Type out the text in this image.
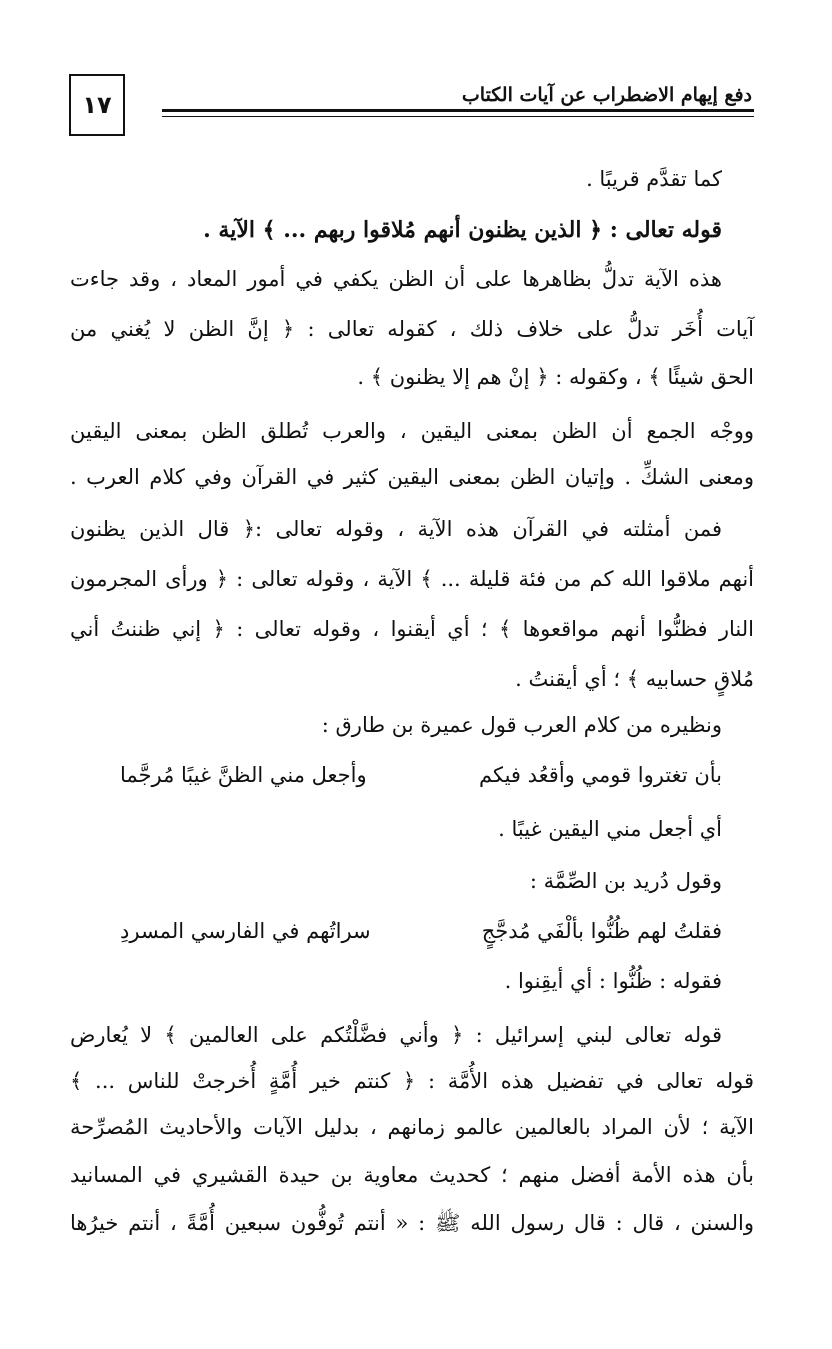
١٧	دفع إيهام الاضطراب عن آيات الكتاب
كما تقدَّم قريبًا .
قوله تعالى : ﴿ الذين يظنون أنهم مُلاقوا ربهم ... ﴾ الآية .
هذه الآية تدلُّ بظاهرها على أن الظن يكفي في أمور المعاد ، وقد جاءت
آيات أُخَر تدلُّ على خلاف ذلك ، كقوله تعالى : ﴿ إنَّ الظن لا يُغني من
الحق شيئًا ﴾ ، وكقوله : ﴿ إنْ هم إلا يظنون ﴾ .
ووجْه الجمع أن الظن بمعنى اليقين ، والعرب تُطلق الظن بمعنى اليقين
ومعنى الشكِّ . وإتيان الظن بمعنى اليقين كثير في القرآن وفي كلام العرب .
فمن أمثلته في القرآن هذه الآية ، وقوله تعالى :﴿ قال الذين يظنون
أنهم ملاقوا الله كم من فئة قليلة ... ﴾ الآية ، وقوله تعالى : ﴿ ورأى المجرمون
النار فظنُّوا أنهم مواقعوها ﴾ ؛ أي أيقنوا ، وقوله تعالى : ﴿ إني ظننتُ أني
مُلاقٍ حسابيه ﴾ ؛ أي أيقنتُ .
ونظيره من كلام العرب قول عميرة بن طارق :
بأن تغتروا قومي وأقعُد فيكم
وأجعل مني الظنَّ غيبًا مُرجَّما
أي أجعل مني اليقين غيبًا .
وقول دُريد بن الصِّمَّة :
فقلتُ لهم ظُنُّوا بألْفَي مُدجَّجٍ
سراتُهم في الفارسي المسردِ
فقوله : ظُنُّوا : أي أيقِنوا .
قوله تعالى لبني إسرائيل : ﴿ وأني فضَّلْتُكم على العالمين ﴾ لا يُعارض
قوله تعالى في تفضيل هذه الأُمَّة : ﴿ كنتم خير أُمَّةٍ أُخرجتْ للناس ... ﴾
الآية ؛ لأن المراد بالعالمين عالمو زمانهم ، بدليل الآيات والأحاديث المُصرِّحة
بأن هذه الأمة أفضل منهم ؛ كحديث معاوية بن حيدة القشيري في المسانيد
والسنن ، قال : قال رسول الله ﷺ : « أنتم تُوفُّون سبعين أُمَّةً ، أنتم خيرُها
